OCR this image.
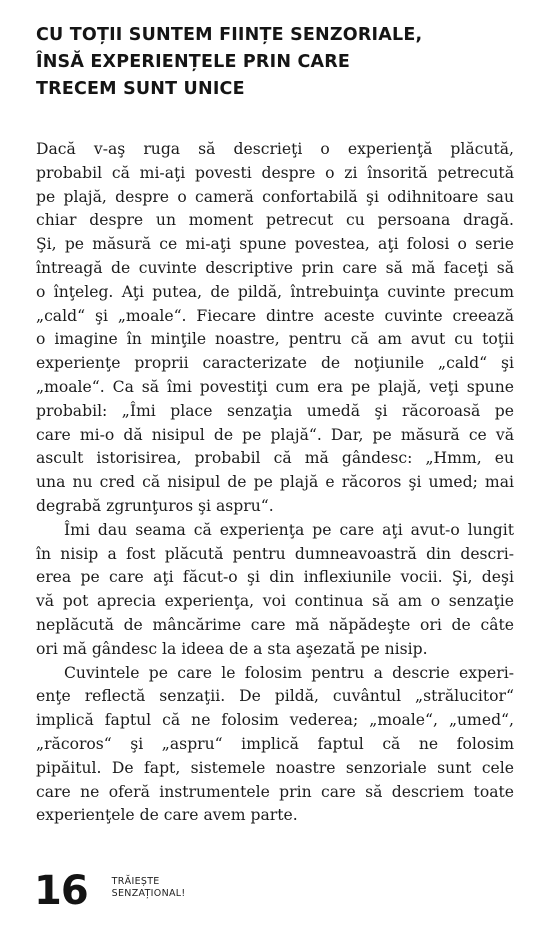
CU TOȚII SUNTEM FIINȚE SENZORIALE,
ÎNSĂ EXPERIENȚELE PRIN CARE
TRECEM SUNT UNICE
Dacă v-aş ruga să descrieţi o experienţă plăcută,
probabil că mi-aţi povesti despre o zi însorită petrecută
pe plajă, despre o cameră confortabilă şi odihnitoare sau
chiar despre un moment petrecut cu persoana dragă.
Şi, pe măsură ce mi-aţi spune povestea, aţi folosi o serie
întreagă de cuvinte descriptive prin care să mă faceţi să
o înţeleg. Aţi putea, de pildă, întrebuinţa cuvinte precum
„cald“ şi „moale“. Fiecare dintre aceste cuvinte creează
o imagine în minţile noastre, pentru că am avut cu toţii
experienţe proprii caracterizate de noţiunile „cald“ şi
„moale“. Ca să îmi povestiţi cum era pe plajă, veţi spune
probabil: „Îmi place senzaţia umedă şi răcoroasă pe
care mi-o dă nisipul de pe plajă“. Dar, pe măsură ce vă
ascult istorisirea, probabil că mă gândesc: „Hmm, eu
una nu cred că nisipul de pe plajă e răcoros şi umed; mai
degrabă zgrunţuros şi aspru“.
Îmi dau seama că experienţa pe care aţi avut-o lungit
în nisip a fost plăcută pentru dumneavoastră din descri-
erea pe care aţi făcut-o şi din inflexiunile vocii. Şi, deşi
vă pot aprecia experienţa, voi continua să am o senzaţie
neplăcută de mâncărime care mă năpădeşte ori de câte
ori mă gândesc la ideea de a sta aşezată pe nisip.
Cuvintele pe care le folosim pentru a descrie experi-
enţe reflectă senzaţii. De pildă, cuvântul „strălucitor“
implică faptul că ne folosim vederea; „moale“, „umed“,
„răcoros“ şi „aspru“ implică faptul că ne folosim
pipăitul. De fapt, sistemele noastre senzoriale sunt cele
care ne oferă instrumentele prin care să descriem toate
experienţele de care avem parte.
16	TRĂIEȘTE
SENZAȚIONAL!
